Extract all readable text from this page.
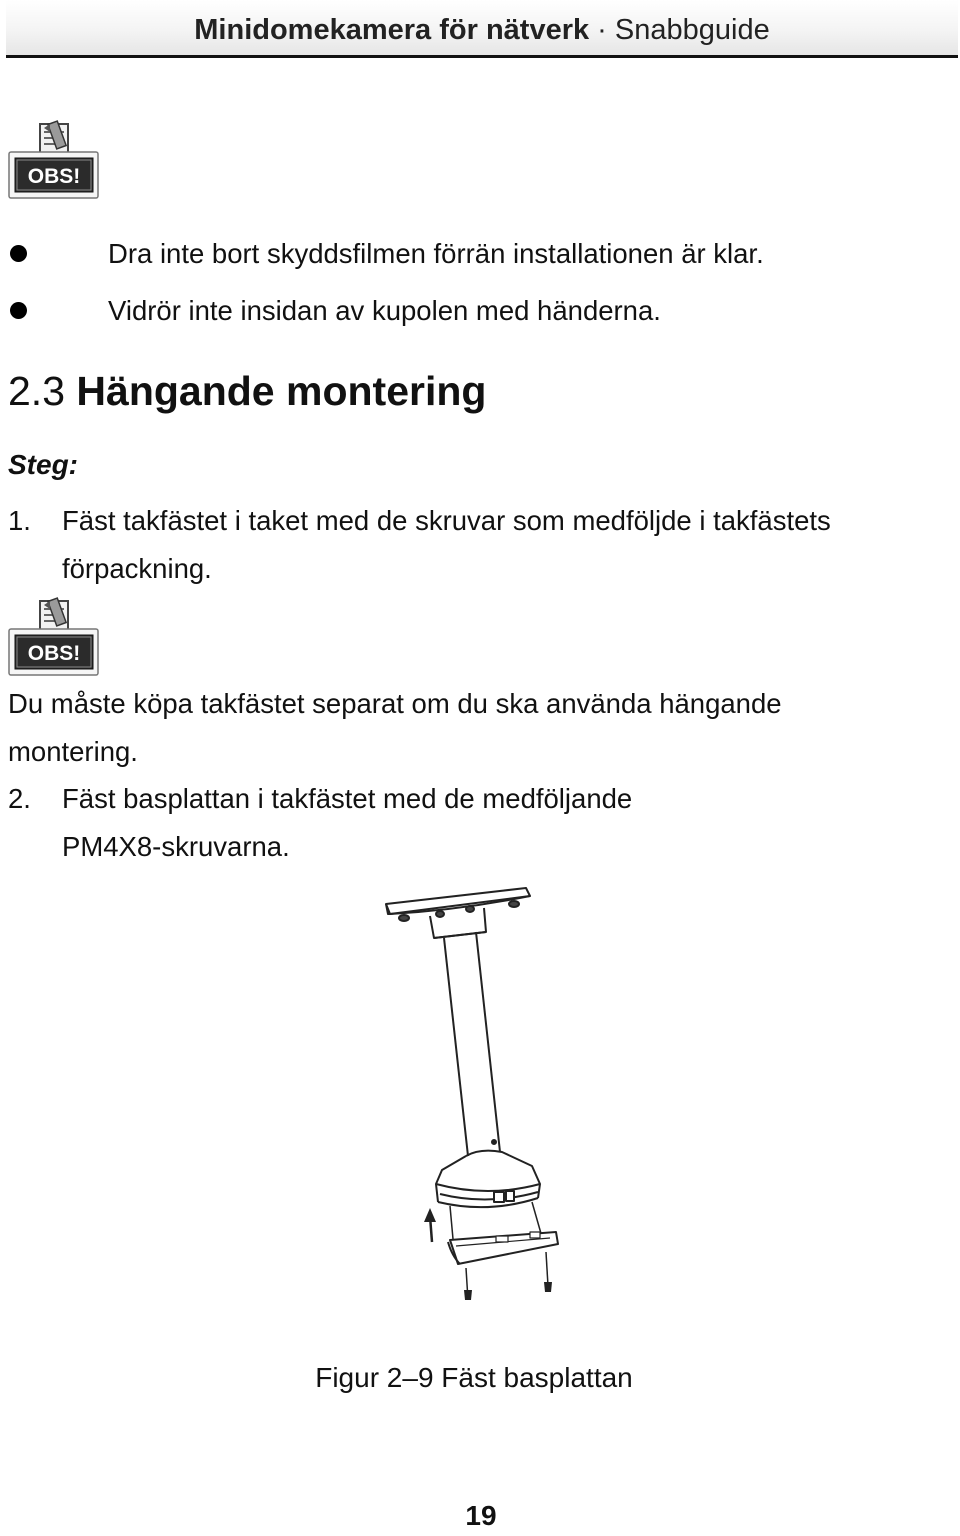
Minidomekamera för nätverk · Snabbguide
OBS!
Dra inte bort skyddsfilmen förrän installationen är klar.
Vidrör inte insidan av kupolen med händerna.
2.3 Hängande montering
Steg:
1. Fäst takfästet i taket med de skruvar som medföljde i takfästets
förpackning.
OBS!
Du måste köpa takfästet separat om du ska använda hängande
montering.
2. Fäst basplattan i takfästet med de medföljande
PM4X8-skruvarna.
Figur 2–9 Fäst basplattan
19
